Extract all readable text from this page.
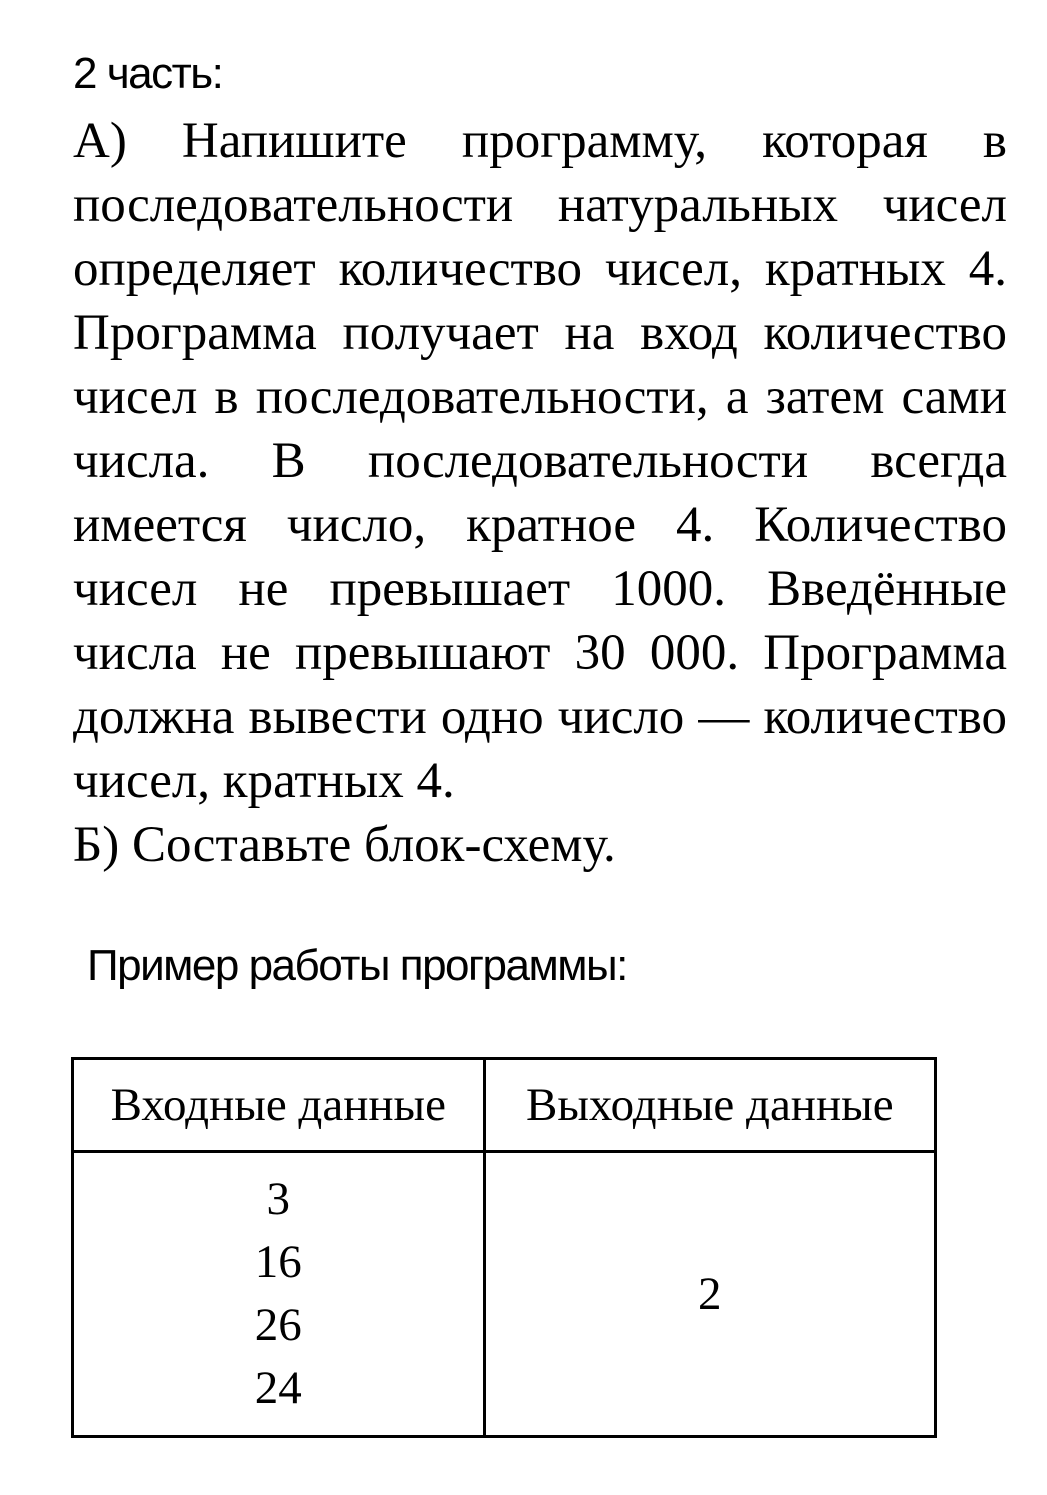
2 часть:

А) Напишите программу, которая в последовательности натуральных чисел определяет количество чисел, кратных 4. Программа получает на вход количество чисел в последовательности, а затем сами числа. В последовательности всегда имеется число, кратное 4. Количество чисел не превышает 1000. Введённые числа не превышают 30 000. Программа должна вывести одно число — количество чисел, кратных 4.

Б) Составьте блок-схему.

Пример работы программы:
Входные данные	Выходные данные

3
16
26
24	2
